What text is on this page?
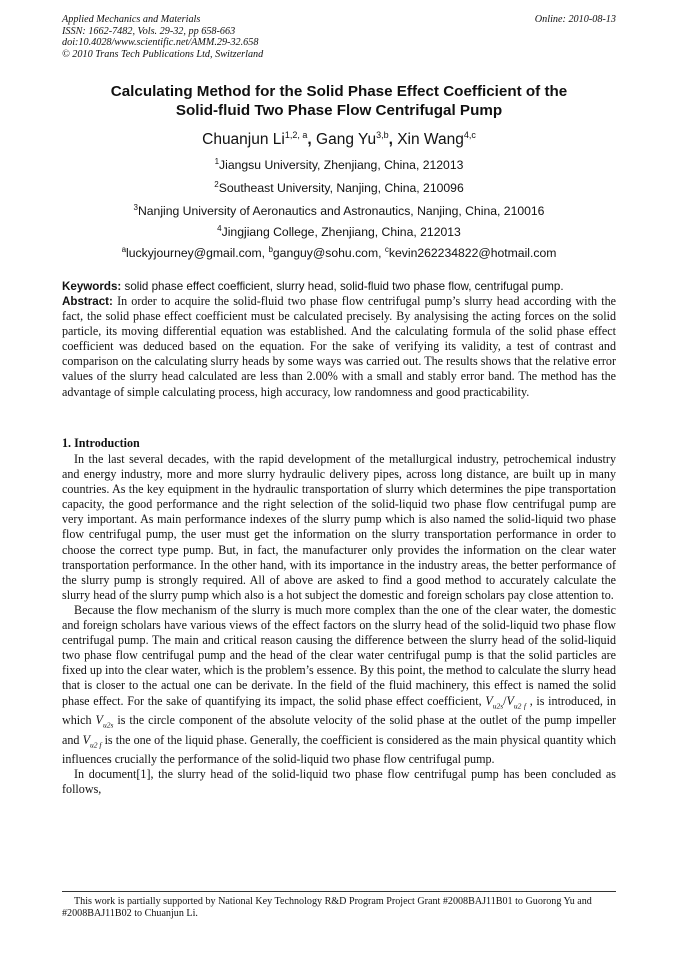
Applied Mechanics and Materials
ISSN: 1662-7482, Vols. 29-32, pp 658-663
doi:10.4028/www.scientific.net/AMM.29-32.658
© 2010 Trans Tech Publications Ltd, Switzerland
Online: 2010-08-13
Calculating Method for the Solid Phase Effect Coefficient of the
Solid-fluid Two Phase Flow Centrifugal Pump
Chuanjun Li$^{1,2, a}$, Gang Yu$^{3,b}$, Xin Wang$^{4,c}$
$^1$Jiangsu University, Zhenjiang, China, 212013
$^2$Southeast University, Nanjing, China, 210096
$^3$Nanjing University of Aeronautics and Astronautics, Nanjing, China, 210016
$^4$Jingjiang College, Zhenjiang, China, 212013
$^a$luckyjourney@gmail.com, $^b$ganguy@sohu.com, $^c$kevin262234822@hotmail.com
Keywords: solid phase effect coefficient, slurry head, solid-fluid two phase flow, centrifugal pump.
Abstract: In order to acquire the solid-fluid two phase flow centrifugal pump’s slurry head according with the fact, the solid phase effect coefficient must be calculated precisely. By analysising the acting forces on the solid particle, its moving differential equation was established. And the calculating formula of the solid phase effect coefficient was deduced based on the equation. For the sake of verifying its validity, a test of contrast and comparison on the calculating slurry heads by some ways was carried out. The results shows that the relative error values of the slurry head calculated are less than 2.00% with a small and stably error band. The method has the advantage of simple calculating process, high accuracy, low randomness and good practicability.
1. Introduction

In the last several decades, with the rapid development of the metallurgical industry, petrochemical industry and energy industry, more and more slurry hydraulic delivery pipes, across long distance, are built up in many countries. As the key equipment in the hydraulic transportation of slurry which determines the pipe transportation capacity, the good performance and the right selection of the solid-liquid two phase flow centrifugal pump are very important. As main performance indexes of the slurry pump which is also named the solid-liquid two phase flow centrifugal pump, the user must get the information on the slurry transportation performance in order to choose the correct type pump. But, in fact, the manufacturer only provides the information on the clear water transportation performance. In the other hand, with its importance in the industry areas, the better performance of the slurry pump is strongly required. All of above are asked to find a good method to accurately calculate the slurry head of the slurry pump which also is a hot subject the domestic and foreign scholars pay close attention to.

Because the flow mechanism of the slurry is much more complex than the one of the clear water, the domestic and foreign scholars have various views of the effect factors on the slurry head of the solid-liquid two phase flow centrifugal pump. The main and critical reason causing the difference between the slurry head of the solid-liquid two phase flow centrifugal pump and the head of the clear water centrifugal pump is that the solid particles are fixed up into the clear water, which is the problem’s essence. By this point, the method to calculate the slurry head that is closer to the actual one can be derivate. In the field of the fluid machinery, this effect is named the solid phase effect. For the sake of quantifying its impact, the solid phase effect coefficient, $V_{u2s}/V_{u2 f}$ , is introduced, in which $V_{u2s}$ is the circle component of the absolute velocity of the solid phase at the outlet of the pump impeller and $V_{u2 f}$ is the one of the liquid phase. Generally, the coefficient is considered as the main physical quantity which influences crucially the performance of the solid-liquid two phase flow centrifugal pump.

In document[1], the slurry head of the solid-liquid two phase flow centrifugal pump has been concluded as follows,

This work is partially supported by National Key Technology R&D Program Project Grant #2008BAJ11B01 to Guorong Yu and #2008BAJ11B02 to Chuanjun Li.
